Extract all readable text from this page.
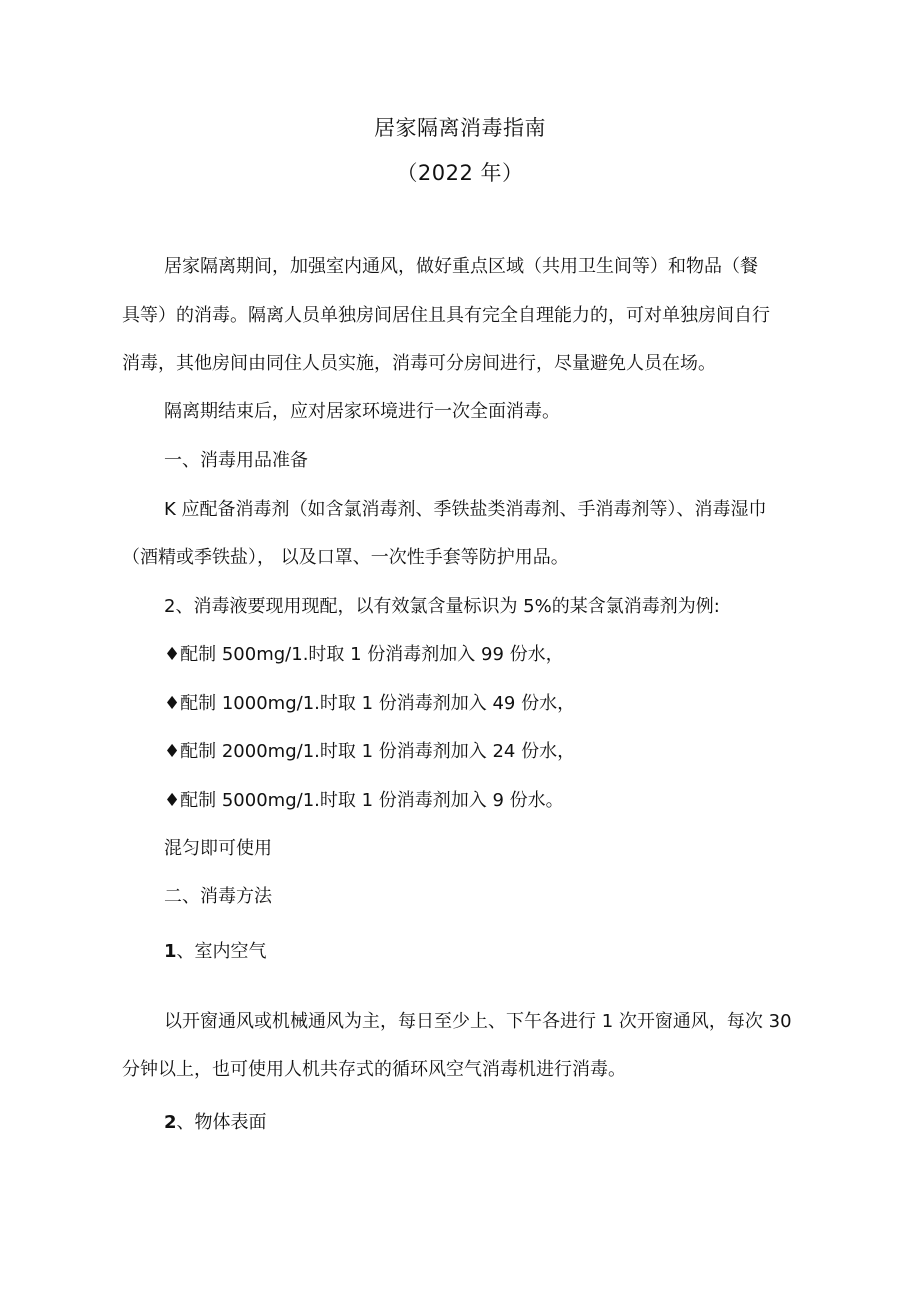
居家隔离消毒指南
（2022 年）
居家隔离期间，加强室内通风，做好重点区域（共用卫生间等）和物品（餐
具等）的消毒。隔离人员单独房间居住且具有完全自理能力的，可对单独房间自行
消毒，其他房间由同住人员实施，消毒可分房间进行，尽量避免人员在场。
隔离期结束后，应对居家环境进行一次全面消毒。
一、消毒用品准备
K 应配备消毒剂（如含氯消毒剂、季铁盐类消毒剂、手消毒剂等）、消毒湿巾
（酒精或季铁盐）， 以及口罩、一次性手套等防护用品。
2、消毒液要现用现配，以有效氯含量标识为 5%的某含氯消毒剂为例:
♦配制 500mg∕1.时取 1 份消毒剂加入 99 份水，
♦配制 1000mg∕1.时取 1 份消毒剂加入 49 份水，
♦配制 2000mg∕1.时取 1 份消毒剂加入 24 份水，
♦配制 5000mg∕1.时取 1 份消毒剂加入 9 份水。
混匀即可使用
二、消毒方法
1、室内空气
以开窗通风或机械通风为主，每日至少上、下午各进行 1 次开窗通风，每次 30
分钟以上，也可使用人机共存式的循环风空气消毒机进行消毒。
2、物体表面
